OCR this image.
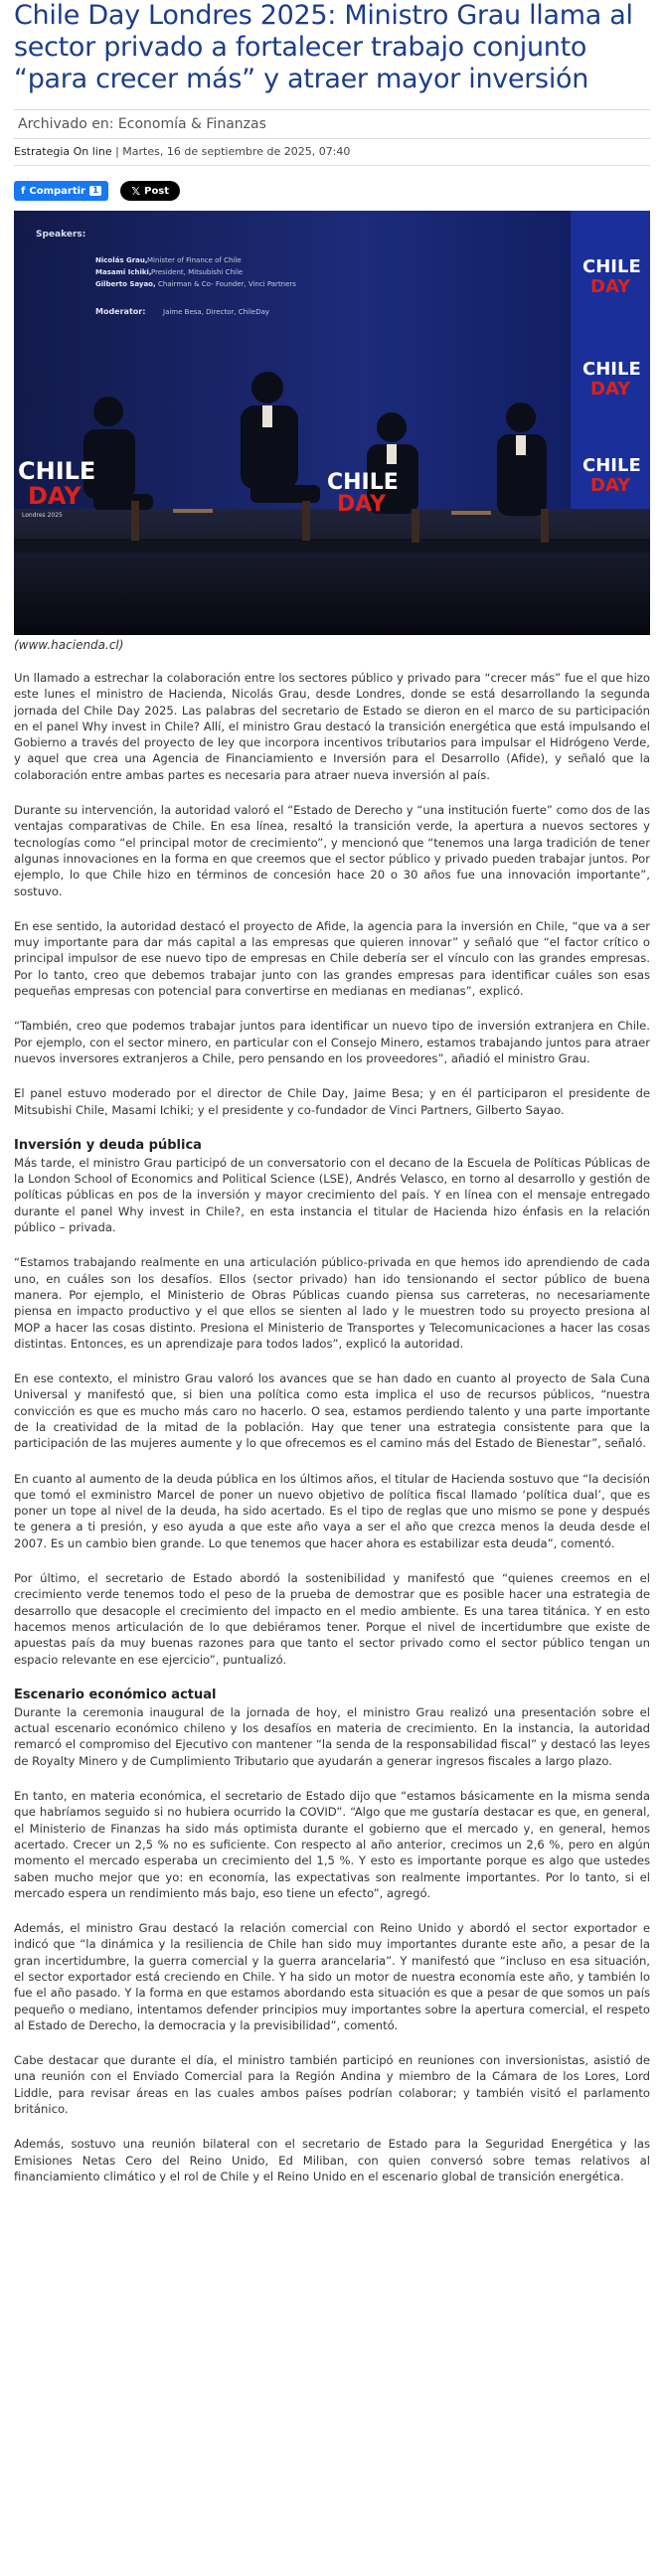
Chile Day Londres 2025: Ministro Grau llama al sector privado a fortalecer trabajo conjunto “para crecer más” y atraer mayor inversión
Archivado en: Economía & Finanzas
Estrategia On line | Martes, 16 de septiembre de 2025, 07:40
f Compartir 1	𝕏 Post
Speakers:
Nicolás Grau, Minister of Finance of Chile
Masami Ichiki, President, Mitsubishi Chile
Gilberto Sayao, Chairman & Co- Founder, Vinci Partners
Moderator:	Jaime Besa, Director, ChileDay
CHILE
DAY
CHILE
DAY
CHILE
DAY
CHILE
DAY
Londres 2025
CHILE
DAY
(www.hacienda.cl)

Un llamado a estrechar la colaboración entre los sectores público y privado para “crecer más” fue el que hizo este lunes el ministro de Hacienda, Nicolás Grau, desde Londres, donde se está desarrollando la segunda jornada del Chile Day 2025. Las palabras del secretario de Estado se dieron en el marco de su participación en el panel Why invest in Chile? Allí, el ministro Grau destacó la transición energética que está impulsando el Gobierno a través del proyecto de ley que incorpora incentivos tributarios para impulsar el Hidrógeno Verde, y aquel que crea una Agencia de Financiamiento e Inversión para el Desarrollo (Afide), y señaló que la colaboración entre ambas partes es necesaria para atraer nueva inversión al país.

Durante su intervención, la autoridad valoró el “Estado de Derecho y “una institución fuerte” como dos de las ventajas comparativas de Chile. En esa línea, resaltó la transición verde, la apertura a nuevos sectores y tecnologías como “el principal motor de crecimiento”, y mencionó que “tenemos una larga tradición de tener algunas innovaciones en la forma en que creemos que el sector público y privado pueden trabajar juntos. Por ejemplo, lo que Chile hizo en términos de concesión hace 20 o 30 años fue una innovación importante”, sostuvo.

En ese sentido, la autoridad destacó el proyecto de Afide, la agencia para la inversión en Chile, “que va a ser muy importante para dar más capital a las empresas que quieren innovar” y señaló que “el factor crítico o principal impulsor de ese nuevo tipo de empresas en Chile debería ser el vínculo con las grandes empresas. Por lo tanto, creo que debemos trabajar junto con las grandes empresas para identificar cuáles son esas pequeñas empresas con potencial para convertirse en medianas en medianas”, explicó.

“También, creo que podemos trabajar juntos para identificar un nuevo tipo de inversión extranjera en Chile. Por ejemplo, con el sector minero, en particular con el Consejo Minero, estamos trabajando juntos para atraer nuevos inversores extranjeros a Chile, pero pensando en los proveedores”, añadió el ministro Grau.

El panel estuvo moderado por el director de Chile Day, Jaime Besa; y en él participaron el presidente de Mitsubishi Chile, Masami Ichiki; y el presidente y co-fundador de Vinci Partners, Gilberto Sayao.

Inversión y deuda pública

Más tarde, el ministro Grau participó de un conversatorio con el decano de la Escuela de Políticas Públicas de la London School of Economics and Political Science (LSE), Andrés Velasco, en torno al desarrollo y gestión de políticas públicas en pos de la inversión y mayor crecimiento del país. Y en línea con el mensaje entregado durante el panel Why invest in Chile?, en esta instancia el titular de Hacienda hizo énfasis en la relación público – privada.

“Estamos trabajando realmente en una articulación público-privada en que hemos ido aprendiendo de cada uno, en cuáles son los desafíos. Ellos (sector privado) han ido tensionando el sector público de buena manera. Por ejemplo, el Ministerio de Obras Públicas cuando piensa sus carreteras, no necesariamente piensa en impacto productivo y el que ellos se sienten al lado y le muestren todo su proyecto presiona al MOP a hacer las cosas distinto. Presiona el Ministerio de Transportes y Telecomunicaciones a hacer las cosas distintas. Entonces, es un aprendizaje para todos lados”, explicó la autoridad.

En ese contexto, el ministro Grau valoró los avances que se han dado en cuanto al proyecto de Sala Cuna Universal y manifestó que, si bien una política como esta implica el uso de recursos públicos, “nuestra convicción es que es mucho más caro no hacerlo. O sea, estamos perdiendo talento y una parte importante de la creatividad de la mitad de la población. Hay que tener una estrategia consistente para que la participación de las mujeres aumente y lo que ofrecemos es el camino más del Estado de Bienestar”, señaló.

En cuanto al aumento de la deuda pública en los últimos años, el titular de Hacienda sostuvo que “la decisión que tomó el exministro Marcel de poner un nuevo objetivo de política fiscal llamado ‘política dual’, que es poner un tope al nivel de la deuda, ha sido acertado. Es el tipo de reglas que uno mismo se pone y después te genera a ti presión, y eso ayuda a que este año vaya a ser el año que crezca menos la deuda desde el 2007. Es un cambio bien grande. Lo que tenemos que hacer ahora es estabilizar esta deuda”, comentó.

Por último, el secretario de Estado abordó la sostenibilidad y manifestó que “quienes creemos en el crecimiento verde tenemos todo el peso de la prueba de demostrar que es posible hacer una estrategia de desarrollo que desacople el crecimiento del impacto en el medio ambiente. Es una tarea titánica. Y en esto hacemos menos articulación de lo que debiéramos tener. Porque el nivel de incertidumbre que existe de apuestas país da muy buenas razones para que tanto el sector privado como el sector público tengan un espacio relevante en ese ejercicio”, puntualizó.

Escenario económico actual

Durante la ceremonia inaugural de la jornada de hoy, el ministro Grau realizó una presentación sobre el actual escenario económico chileno y los desafíos en materia de crecimiento. En la instancia, la autoridad remarcó el compromiso del Ejecutivo con mantener “la senda de la responsabilidad fiscal” y destacó las leyes de Royalty Minero y de Cumplimiento Tributario que ayudarán a generar ingresos fiscales a largo plazo.

En tanto, en materia económica, el secretario de Estado dijo que “estamos básicamente en la misma senda que habríamos seguido si no hubiera ocurrido la COVID”. “Algo que me gustaría destacar es que, en general, el Ministerio de Finanzas ha sido más optimista durante el gobierno que el mercado y, en general, hemos acertado. Crecer un 2,5 % no es suficiente. Con respecto al año anterior, crecimos un 2,6 %, pero en algún momento el mercado esperaba un crecimiento del 1,5 %. Y esto es importante porque es algo que ustedes saben mucho mejor que yo: en economía, las expectativas son realmente importantes. Por lo tanto, si el mercado espera un rendimiento más bajo, eso tiene un efecto”, agregó.

Además, el ministro Grau destacó la relación comercial con Reino Unido y abordó el sector exportador e indicó que “la dinámica y la resiliencia de Chile han sido muy importantes durante este año, a pesar de la gran incertidumbre, la guerra comercial y la guerra arancelaria”. Y manifestó que “incluso en esa situación, el sector exportador está creciendo en Chile. Y ha sido un motor de nuestra economía este año, y también lo fue el año pasado. Y la forma en que estamos abordando esta situación es que a pesar de que somos un país pequeño o mediano, intentamos defender principios muy importantes sobre la apertura comercial, el respeto al Estado de Derecho, la democracia y la previsibilidad”, comentó.

Cabe destacar que durante el día, el ministro también participó en reuniones con inversionistas, asistió de una reunión con el Enviado Comercial para la Región Andina y miembro de la Cámara de los Lores, Lord Liddle, para revisar áreas en las cuales ambos países podrían colaborar; y también visitó el parlamento británico.

Además, sostuvo una reunión bilateral con el secretario de Estado para la Seguridad Energética y las Emisiones Netas Cero del Reino Unido, Ed Miliban, con quien conversó sobre temas relativos al financiamiento climático y el rol de Chile y el Reino Unido en el escenario global de transición energética.
